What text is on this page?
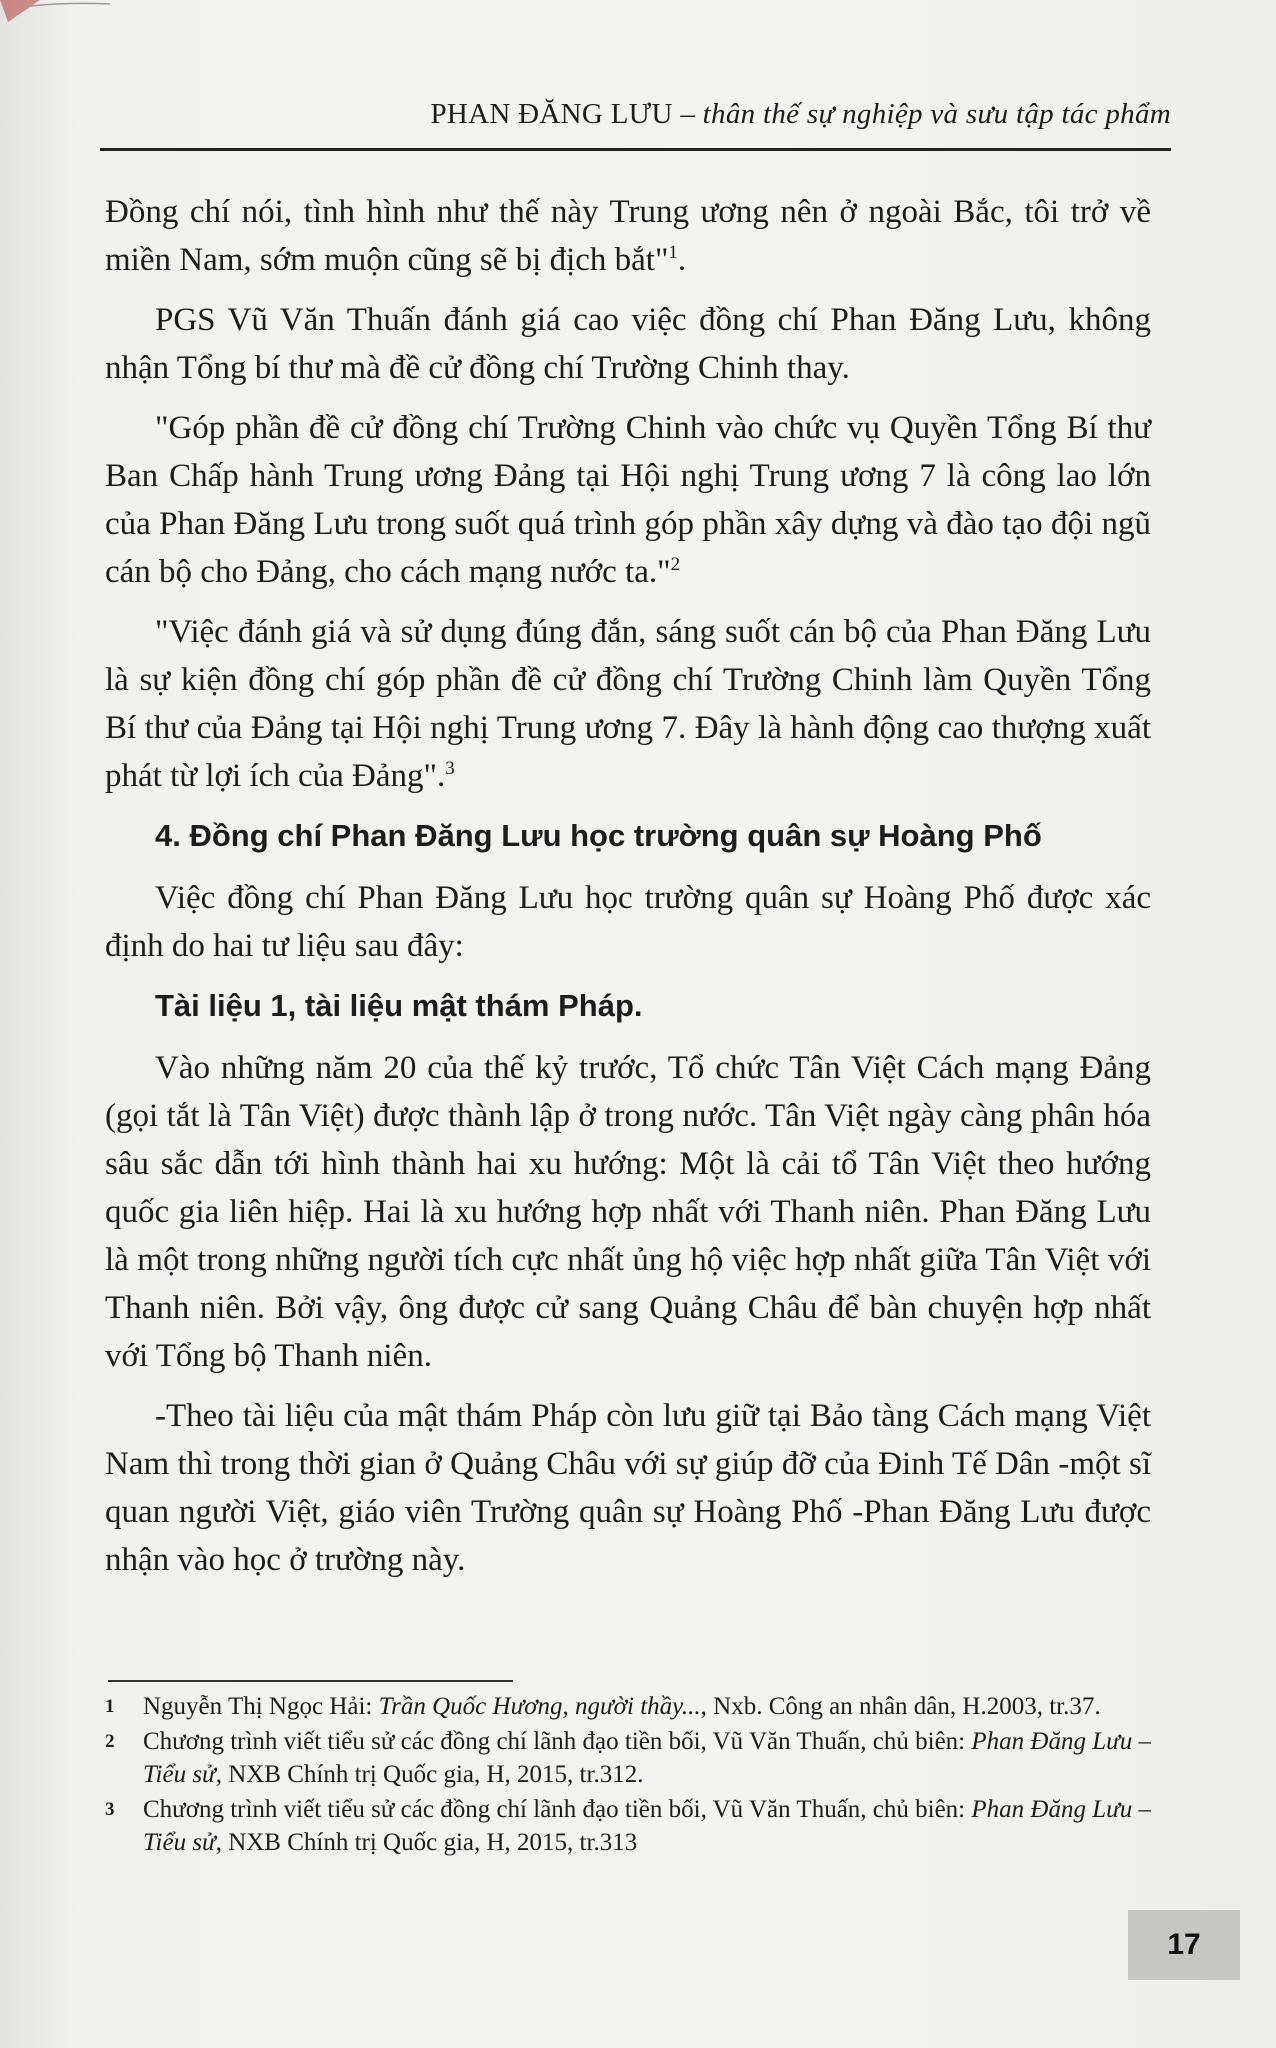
PHAN ĐĂNG LƯU – thân thế sự nghiệp và sưu tập tác phẩm

Đồng chí nói, tình hình như thế này Trung ương nên ở ngoài Bắc, tôi trở về miền Nam, sớm muộn cũng sẽ bị địch bắt"$^1$.

PGS Vũ Văn Thuấn đánh giá cao việc đồng chí Phan Đăng Lưu, không nhận Tổng bí thư mà đề cử đồng chí Trường Chinh thay.

"Góp phần đề cử đồng chí Trường Chinh vào chức vụ Quyền Tổng Bí thư Ban Chấp hành Trung ương Đảng tại Hội nghị Trung ương 7 là công lao lớn của Phan Đăng Lưu trong suốt quá trình góp phần xây dựng và đào tạo đội ngũ cán bộ cho Đảng, cho cách mạng nước ta."$^2$

"Việc đánh giá và sử dụng đúng đắn, sáng suốt cán bộ của Phan Đăng Lưu là sự kiện đồng chí góp phần đề cử đồng chí Trường Chinh làm Quyền Tổng Bí thư của Đảng tại Hội nghị Trung ương 7. Đây là hành động cao thượng xuất phát từ lợi ích của Đảng".$^3$

4. Đồng chí Phan Đăng Lưu học trường quân sự Hoàng Phố

Việc đồng chí Phan Đăng Lưu học trường quân sự Hoàng Phố được xác định do hai tư liệu sau đây:

Tài liệu 1, tài liệu mật thám Pháp.

Vào những năm 20 của thế kỷ trước, Tổ chức Tân Việt Cách mạng Đảng (gọi tắt là Tân Việt) được thành lập ở trong nước. Tân Việt ngày càng phân hóa sâu sắc dẫn tới hình thành hai xu hướng: Một là cải tổ Tân Việt theo hướng quốc gia liên hiệp. Hai là xu hướng hợp nhất với Thanh niên. Phan Đăng Lưu là một trong những người tích cực nhất ủng hộ việc hợp nhất giữa Tân Việt với Thanh niên. Bởi vậy, ông được cử sang Quảng Châu để bàn chuyện hợp nhất với Tổng bộ Thanh niên.

-Theo tài liệu của mật thám Pháp còn lưu giữ tại Bảo tàng Cách mạng Việt Nam thì trong thời gian ở Quảng Châu với sự giúp đỡ của Đinh Tế Dân -một sĩ quan người Việt, giáo viên Trường quân sự Hoàng Phố -Phan Đăng Lưu được nhận vào học ở trường này.

1 Nguyễn Thị Ngọc Hải: Trần Quốc Hương, người thầy..., Nxb. Công an nhân dân, H.2003, tr.37.

2 Chương trình viết tiểu sử các đồng chí lãnh đạo tiền bối, Vũ Văn Thuấn, chủ biên: Phan Đăng Lưu – Tiểu sử, NXB Chính trị Quốc gia, H, 2015, tr.312.

3 Chương trình viết tiểu sử các đồng chí lãnh đạo tiền bối, Vũ Văn Thuấn, chủ biên: Phan Đăng Lưu – Tiểu sử, NXB Chính trị Quốc gia, H, 2015, tr.313

17
